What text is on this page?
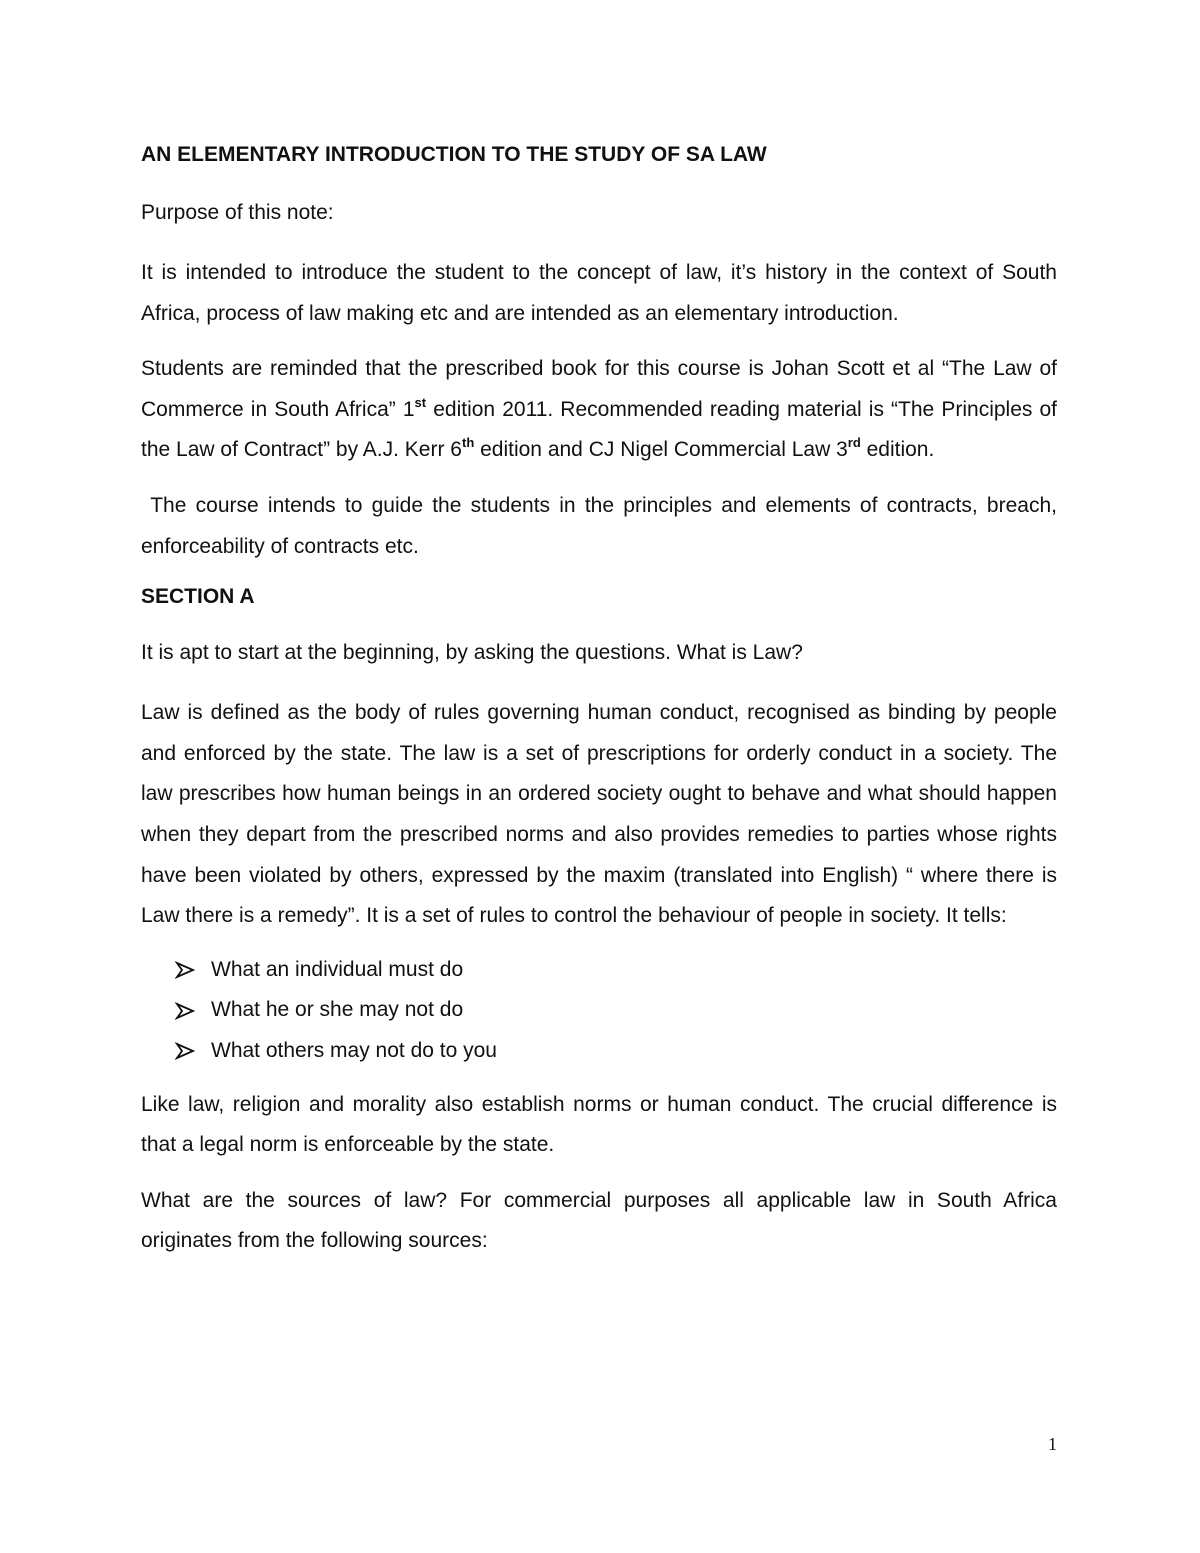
AN ELEMENTARY INTRODUCTION TO THE STUDY OF SA LAW
Purpose of this note:
It is intended to introduce the student to the concept of law, it’s history in the context of South Africa, process of law making etc and are intended as an elementary introduction.
Students are reminded that the prescribed book for this course is Johan Scott et al “The Law of Commerce in South Africa” 1st edition 2011. Recommended reading material is “The Principles of the Law of Contract” by A.J. Kerr 6th edition and CJ Nigel Commercial Law 3rd edition.
The course intends to guide the students in the principles and elements of contracts, breach, enforceability of contracts etc.
SECTION A
It is apt to start at the beginning, by asking the questions. What is Law?
Law is defined as the body of rules governing human conduct, recognised as binding by people and enforced by the state. The law is a set of prescriptions for orderly conduct in a society. The law prescribes how human beings in an ordered society ought to behave and what should happen when they depart from the prescribed norms and also provides remedies to parties whose rights have been violated by others, expressed by the maxim (translated into English) “ where there is Law there is a remedy”. It is a set of rules to control the behaviour of people in society. It tells:
What an individual must do
What he or she may not do
What others may not do to you
Like law, religion and morality also establish norms or human conduct. The crucial difference is that a legal norm is enforceable by the state.
What are the sources of law? For commercial purposes all applicable law in South Africa originates from the following sources:
1
